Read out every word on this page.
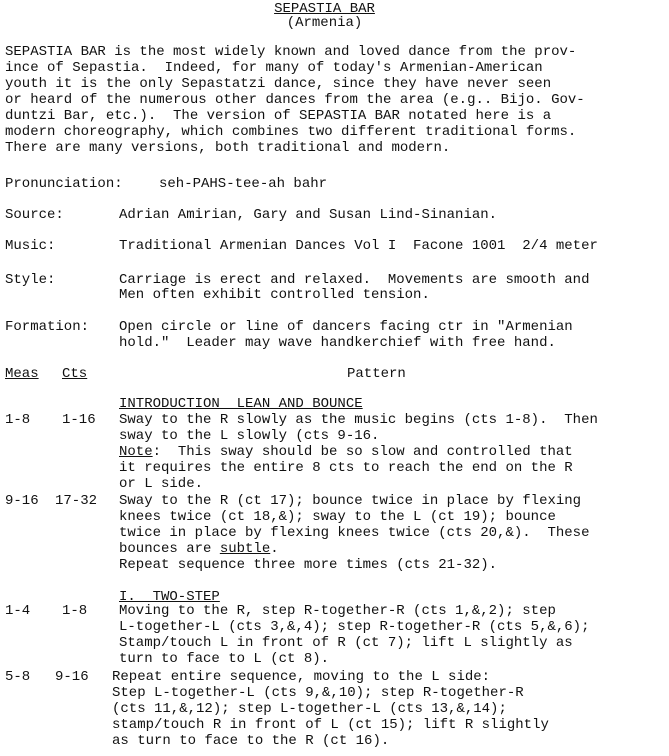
SEPASTIA BAR
(Armenia)
SEPASTIA BAR is the most widely known and loved dance from the prov-
ince of Sepastia.  Indeed, for many of today's Armenian-American
youth it is the only Sepastatzi dance, since they have never seen
or heard of the numerous other dances from the area (e.g.. Bijo. Gov-
duntzi Bar, etc.).  The version of SEPASTIA BAR notated here is a
modern choreography, which combines two different traditional forms.
There are many versions, both traditional and modern.
Pronunciation:	seh-PAHS-tee-ah bahr
Source:	Adrian Amirian, Gary and Susan Lind-Sinanian.
Music:	Traditional Armenian Dances Vol I  Facone 1001  2/4 meter
Style:	Carriage is erect and relaxed.  Movements are smooth and
Men often exhibit controlled tension.
Formation: Open circle or line of dancers facing ctr in "Armenian
hold."  Leader may wave handkerchief with free hand.
Meas Cts	Pattern
INTRODUCTION  LEAN AND BOUNCE
1-8 1-16 Sway to the R slowly as the music begins (cts 1-8).  Then
sway to the L slowly (cts 9-16.
Note:  This sway should be so slow and controlled that
it requires the entire 8 cts to reach the end on the R
or L side.
9-16 17-32 Sway to the R (ct 17); bounce twice in place by flexing
knees twice (ct 18,&); sway to the L (ct 19); bounce
twice in place by flexing knees twice (cts 20,&).  These
bounces are subtle.
Repeat sequence three more times (cts 21-32).
I.  TWO-STEP
1-4 1-8 Moving to the R, step R-together-R (cts 1,&,2); step
L-together-L (cts 3,&,4); step R-together-R (cts 5,&,6);
Stamp/touch L in front of R (ct 7); lift L slightly as
turn to face to L (ct 8).
5-8 9-16 Repeat entire sequence, moving to the L side:
Step L-together-L (cts 9,&,10); step R-together-R
(cts 11,&,12); step L-together-L (cts 13,&,14);
stamp/touch R in front of L (ct 15); lift R slightly
as turn to face to the R (ct 16).
